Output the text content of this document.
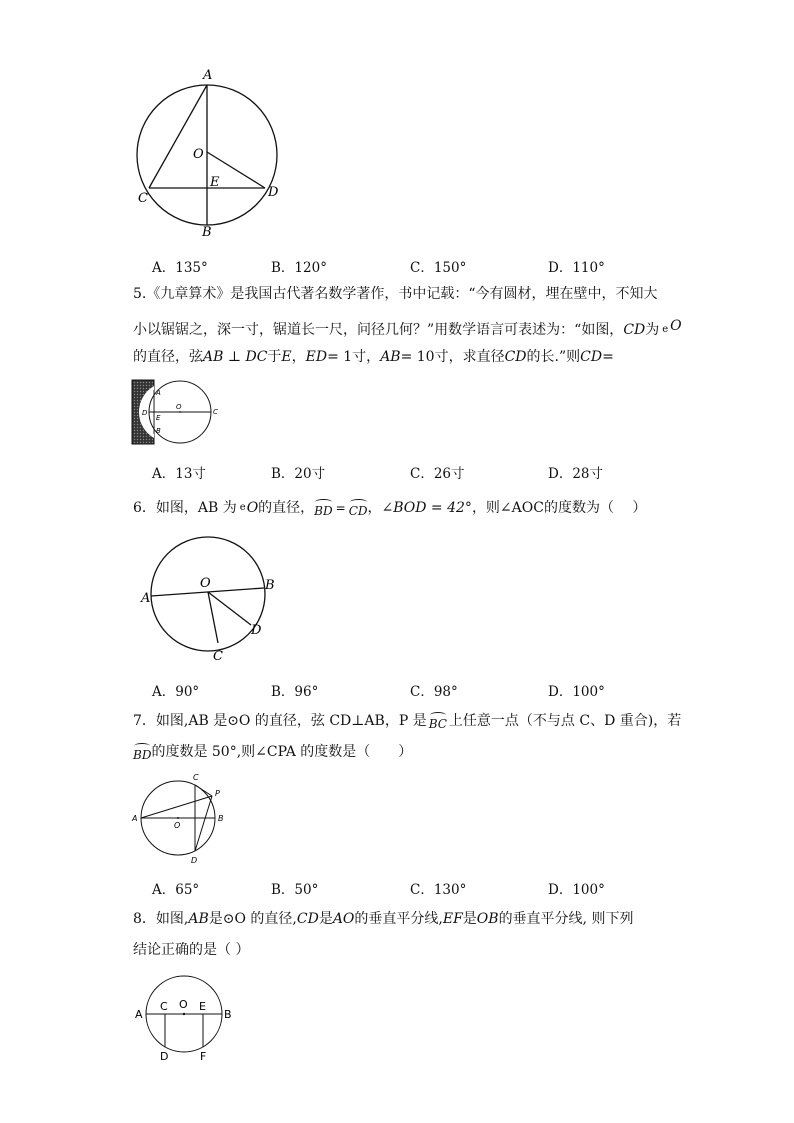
A
O
E
C	D
B
A．135°	B．120°	C．150°	D．110°
5.《九章算术》是我国古代著名数学著作，书中记载：“今有圆材，埋在壁中，不知大
小以锯锯之，深一寸，锯道长一尺，问径几何？”用数学语言可表述为：“如图，CD为 e O
的直径，弦AB ⊥ DC于E，ED= 1寸，AB= 10寸，求直径CD的长.”则CD=
A
O
C
D
E
B
A．13寸	B．20寸	C．26寸	D．28寸
6．如图，AB 为 eO的直径，BD = CD，∠BOD = 42°，则∠AOC的度数为（　 ）
A
O	B
D
C
A．90°	B．96°	C．98°	D．100°
7．如图,AB 是⊙O 的直径，弦 CD⊥AB，P 是 BC 上任意一点（不与点 C、D 重合)，若
BD的度数是 50°,则∠CPA 的度数是（　　）
A
O
C
P
B
D
A．65°	B．50°	C．130°	D．100°
8．如图,AB是⊙O 的直径,CD是AO的垂直平分线,EF是OB的垂直平分线, 则下列
结论正确的是（ ）
A
C O E
B
D	F
